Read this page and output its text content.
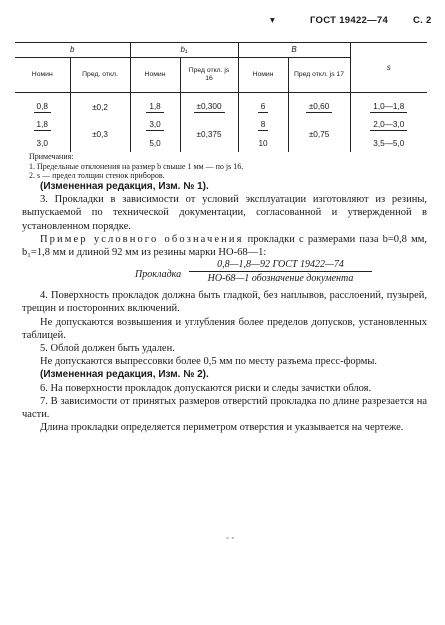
▾	ГОСТ 19422—74	С. 2
b		b₁		B		s
Номин	Пред. откл.	Номин	Пред откл. js 16	Номин	Пред откл. js 17	
0,8	±0,2	1,8	±0,300	6	±0,60	1,0—1,8
1,8	±0,3	3,0	±0,375	8	±0,75	2,0—3,0
3,0		5,0		10		3,5—5,0
Примечания:
1. Предельные отклонения на размер b свыше 1 мм — по js 16.
2. s — предел толщин стенок приборов.

(Измененная редакция, Изм. № 1).

3. Прокладки в зависимости от условий эксплуатации изготовляют из резины, выпускаемой по технической документации, согласованной и утвержденной в установленном порядке.

Пример условного обозначения прокладки с размерами паза b=0,8 мм, b₁=1,8 мм и длиной 92 мм из резины марки НО-68—1:

Прокладка
0,8—1,8—92 ГОСТ 19422—74
НО-68—1 обозначение документа

4. Поверхность прокладок должна быть гладкой, без наплывов, расслоений, пузырей, трещин и посторонних включений.

Не допускаются возвышения и углубления более пределов допусков, установленных таблицей.

5. Облой должен быть удален.

Не допускаются выпрессовки более 0,5 мм по месту разъема пресс-формы.

(Измененная редакция, Изм. № 2).

6. На поверхности прокладок допускаются риски и следы зачистки облоя.

7. В зависимости от принятых размеров отверстий прокладка по длине разрезается на части.

Длина прокладки определяется периметром отверстия и указывается на чертеже.

˜ ˚
